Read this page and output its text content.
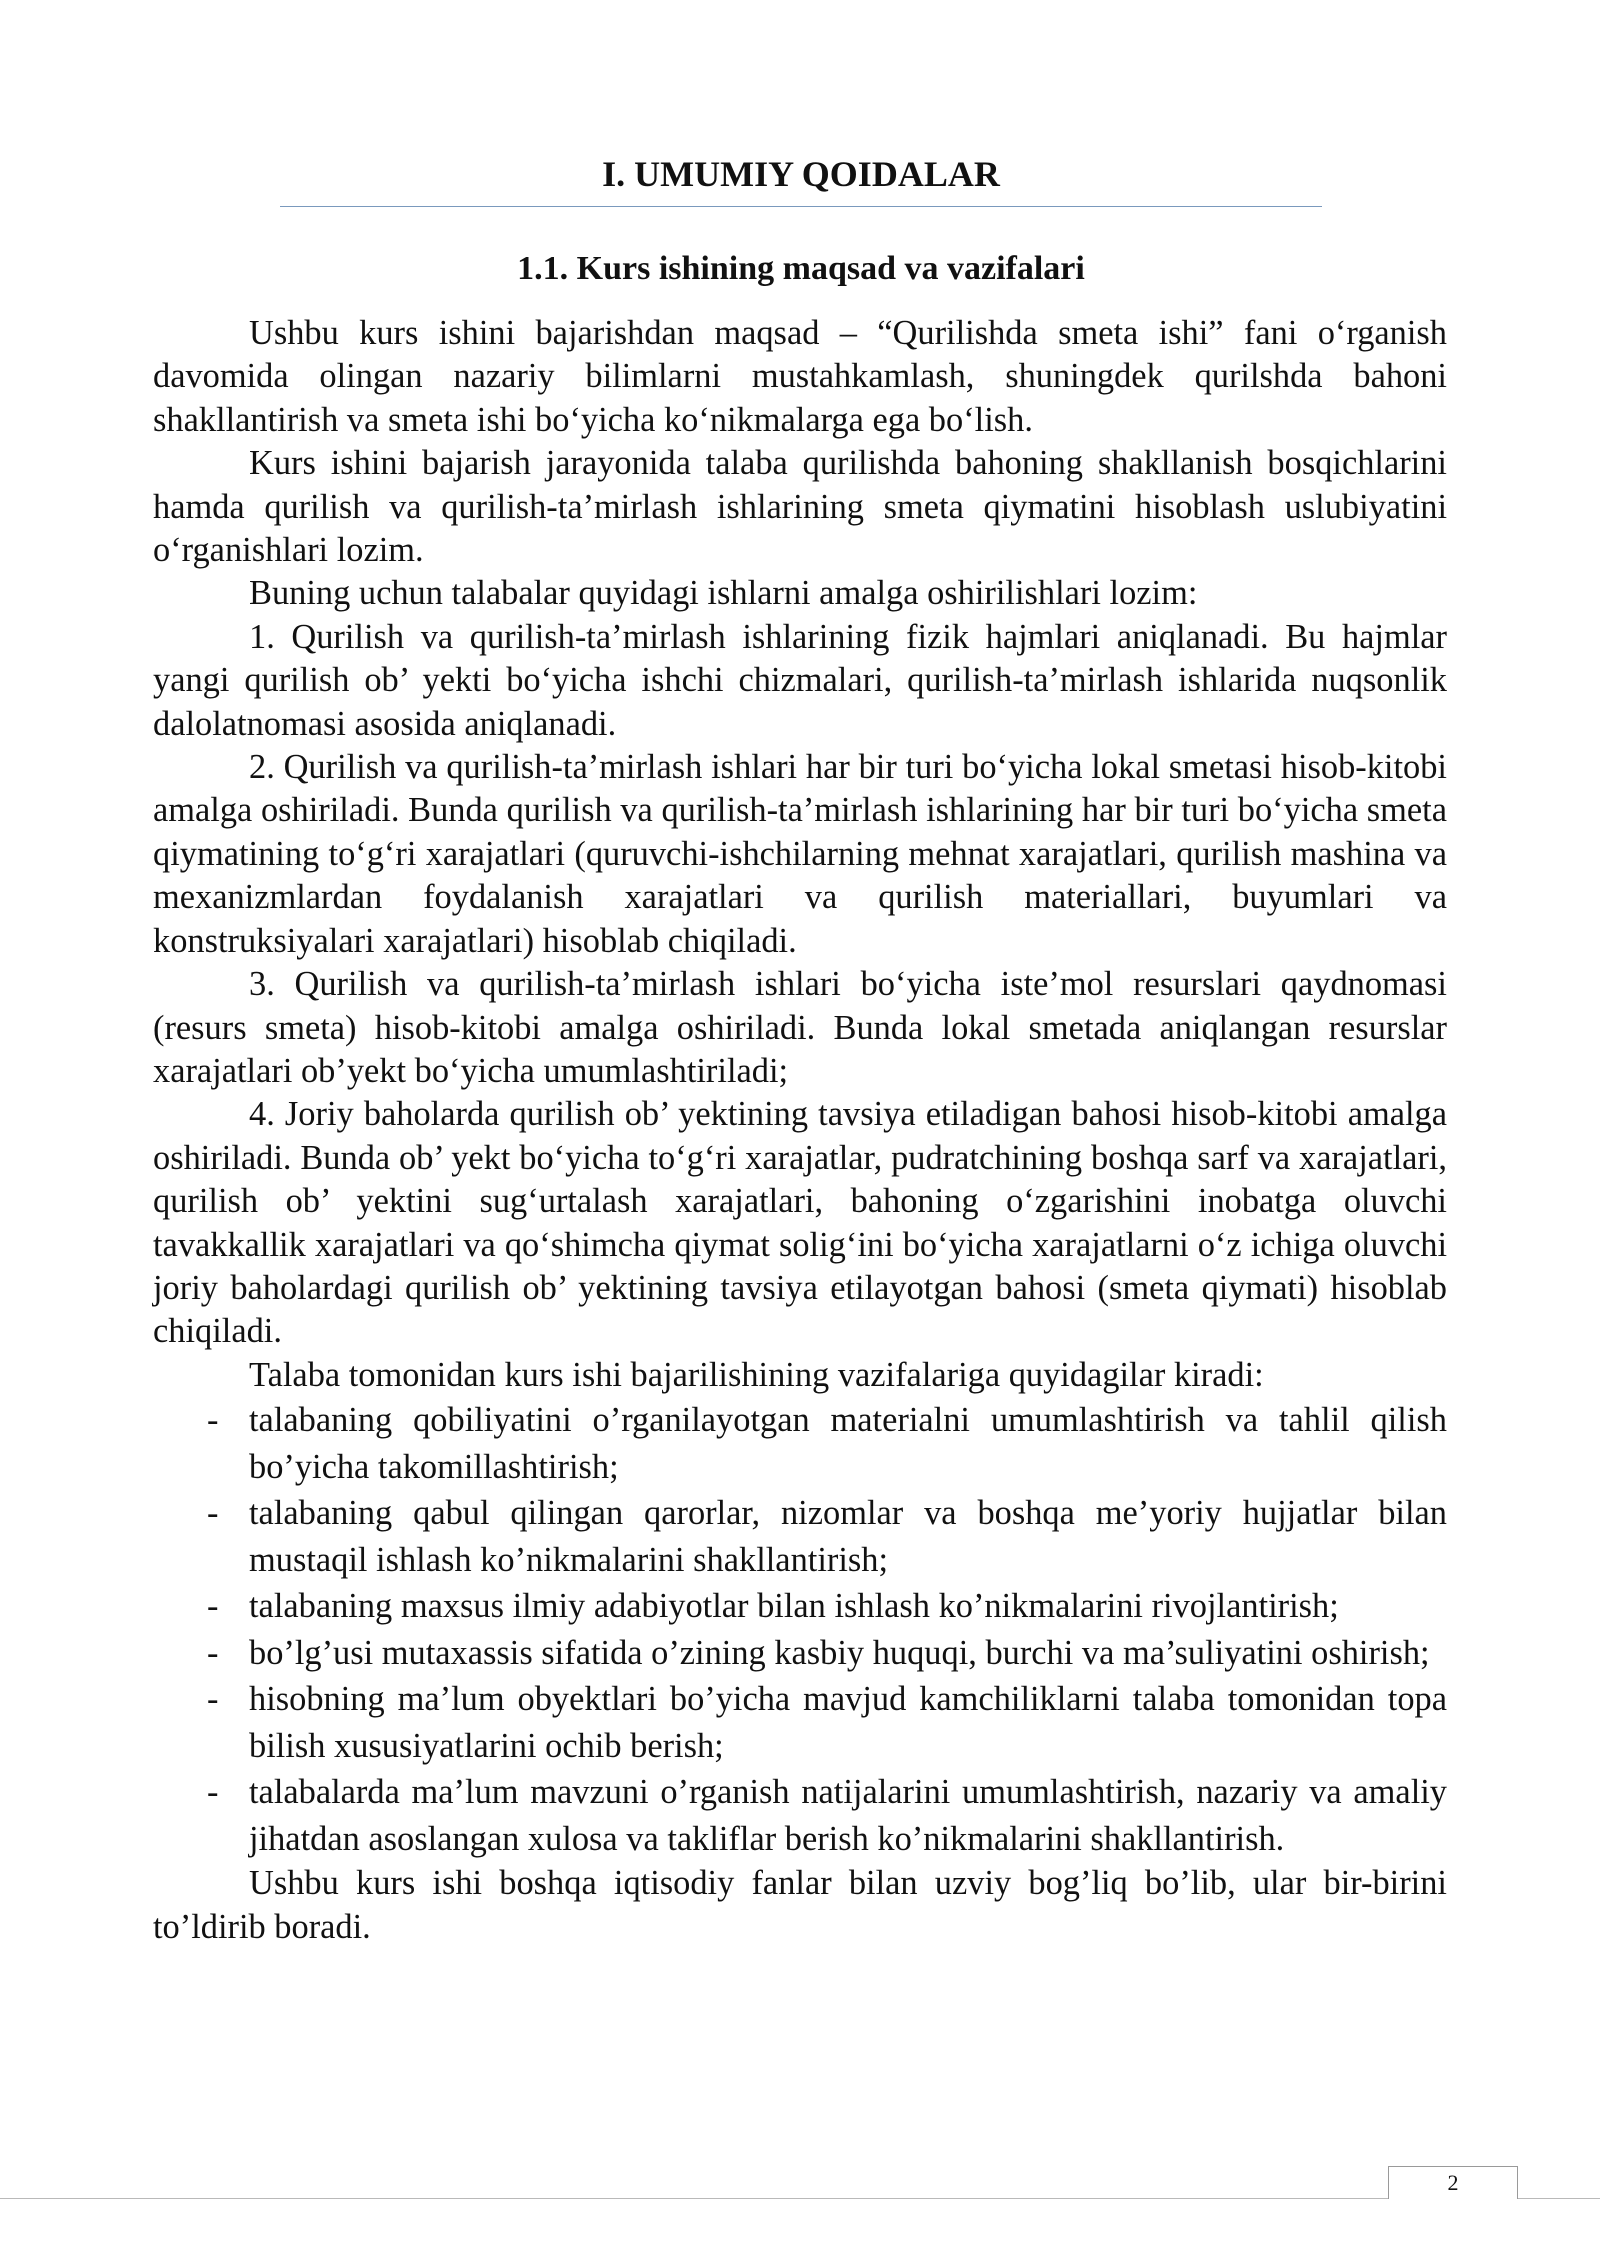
I. UMUMIY QOIDALAR
1.1. Kurs ishining maqsad va vazifalari

Ushbu kurs ishini bajarishdan maqsad – “Qurilishda smeta ishi” fani o‘rganish davomida olingan nazariy bilimlarni mustahkamlash, shuningdek qurilshda bahoni shakllantirish va smeta ishi bo‘yicha ko‘nikmalarga ega bo‘lish.

Kurs ishini bajarish jarayonida talaba qurilishda bahoning shakllanish bosqichlarini hamda qurilish va qurilish-ta’mirlash ishlarining smeta qiymatini hisoblash uslubiyatini o‘rganishlari lozim.

Buning uchun talabalar quyidagi ishlarni amalga oshirilishlari lozim:

1. Qurilish va qurilish-ta’mirlash ishlarining fizik hajmlari aniqlanadi. Bu hajmlar yangi qurilish ob’ yekti bo‘yicha ishchi chizmalari, qurilish-ta’mirlash ishlarida nuqsonlik dalolatnomasi asosida aniqlanadi.

2. Qurilish va qurilish-ta’mirlash ishlari har bir turi bo‘yicha lokal smetasi hisob-kitobi amalga oshiriladi. Bunda qurilish va qurilish-ta’mirlash ishlarining har bir turi bo‘yicha smeta qiymatining to‘g‘ri xarajatlari (quruvchi-ishchilarning mehnat xarajatlari, qurilish mashina va mexanizmlardan foydalanish xarajatlari va qurilish materiallari, buyumlari va konstruksiyalari xarajatlari) hisoblab chiqiladi.

3. Qurilish va qurilish-ta’mirlash ishlari bo‘yicha iste’mol resurslari qaydnomasi (resurs smeta) hisob-kitobi amalga oshiriladi. Bunda lokal smetada aniqlangan resurslar xarajatlari ob’yekt bo‘yicha umumlashtiriladi;

4. Joriy baholarda qurilish ob’ yektining tavsiya etiladigan bahosi hisob-kitobi amalga oshiriladi. Bunda ob’ yekt bo‘yicha to‘g‘ri xarajatlar, pudratchining boshqa sarf va xarajatlari, qurilish ob’ yektini sug‘urtalash xarajatlari, bahoning o‘zgarishini inobatga oluvchi tavakkallik xarajatlari va qo‘shimcha qiymat solig‘ini bo‘yicha xarajatlarni o‘z ichiga oluvchi joriy baholardagi qurilish ob’ yektining tavsiya etilayotgan bahosi (smeta qiymati) hisoblab chiqiladi.

Talaba tomonidan kurs ishi bajarilishining vazifalariga quyidagilar kiradi:

- talabaning qobiliyatini o’rganilayotgan materialni umumlashtirish va tahlil qilish bo’yicha takomillashtirish;
- talabaning qabul qilingan qarorlar, nizomlar va boshqa me’yoriy hujjatlar bilan mustaqil ishlash ko’nikmalarini shakllantirish;
- talabaning maxsus ilmiy adabiyotlar bilan ishlash ko’nikmalarini rivojlantirish;
- bo’lg’usi mutaxassis sifatida o’zining kasbiy huquqi, burchi va ma’suliyatini oshirish;
- hisobning ma’lum obyektlari bo’yicha mavjud kamchiliklarni talaba tomonidan topa bilish xususiyatlarini ochib berish;
- talabalarda ma’lum mavzuni o’rganish natijalarini umumlashtirish, nazariy va amaliy jihatdan asoslangan xulosa va takliflar berish ko’nikmalarini shakllantirish.

Ushbu kurs ishi boshqa iqtisodiy fanlar bilan uzviy bog’liq bo’lib, ular bir-birini to’ldirib boradi.

2
